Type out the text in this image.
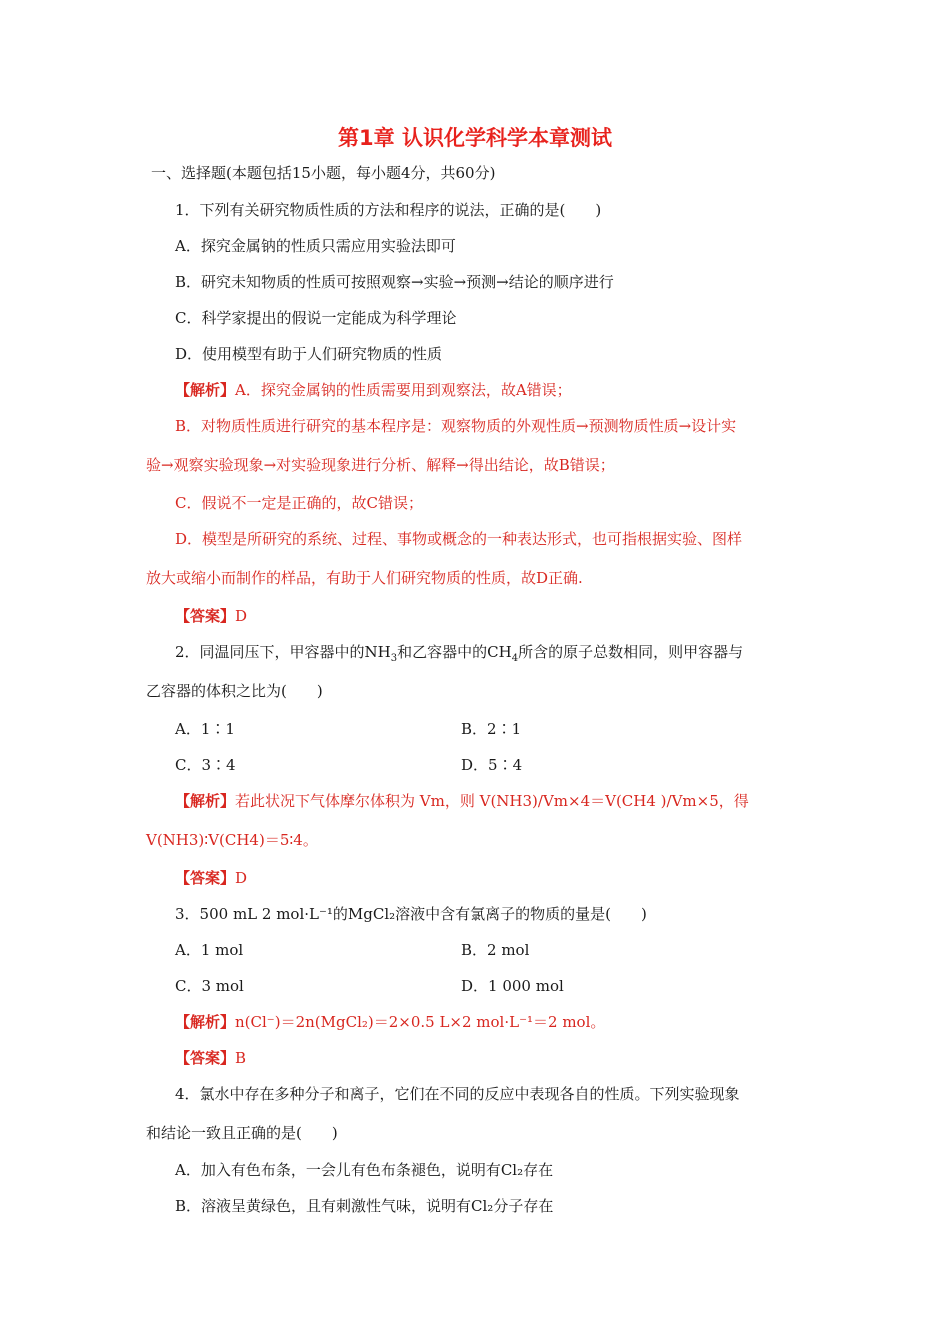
第1章 认识化学科学本章测试
一、选择题(本题包括15小题，每小题4分，共60分)
1．下列有关研究物质性质的方法和程序的说法，正确的是(　　)
A．探究金属钠的性质只需应用实验法即可
B．研究未知物质的性质可按照观察→实验→预测→结论的顺序进行
C．科学家提出的假说一定能成为科学理论
D．使用模型有助于人们研究物质的性质
【解析】A．探究金属钠的性质需要用到观察法，故A错误；
B．对物质性质进行研究的基本程序是：观察物质的外观性质→预测物质性质→设计实
验→观察实验现象→对实验现象进行分析、解释→得出结论，故B错误；
C．假说不一定是正确的，故C错误；
D．模型是所研究的系统、过程、事物或概念的一种表达形式，也可指根据实验、图样
放大或缩小而制作的样品，有助于人们研究物质的性质，故D正确.
【答案】D
2．同温同压下，甲容器中的$NH_3$和乙容器中的$CH_4$所含的原子总数相同，则甲容器与
乙容器的体积之比为(　　)
A．1∶1	B．2∶1
C．3∶4	D．5∶4
【解析】若此状况下气体摩尔体积为 Vm，则 V(NH3)/Vm×4＝V(CH4 )/Vm×5，得
V(NH3)∶V(CH4)＝5∶4。
【答案】D
3．500 mL 2 mol·L⁻¹的MgCl₂溶液中含有氯离子的物质的量是(　　)
A．1 mol	B．2 mol
C．3 mol	D．1 000 mol
【解析】n(Cl⁻)＝2n(MgCl₂)＝2×0.5 L×2 mol·L⁻¹＝2 mol。
【答案】B
4．氯水中存在多种分子和离子，它们在不同的反应中表现各自的性质。下列实验现象
和结论一致且正确的是(　　)
A．加入有色布条，一会儿有色布条褪色，说明有Cl₂存在
B．溶液呈黄绿色，且有刺激性气味，说明有Cl₂分子存在
